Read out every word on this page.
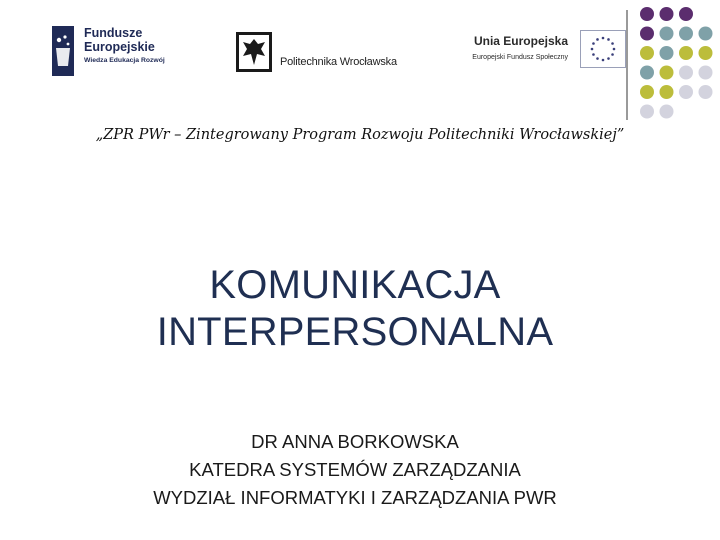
Fundusze
Europejskie
Wiedza Edukacja Rozwój	Politechnika Wrocławska
Unia Europejska
Europejski Fundusz Społeczny
„ZPR PWr – Zintegrowany Program Rozwoju Politechniki Wrocławskiej”
KOMUNIKACJA
INTERPERSONALNA
DR ANNA BORKOWSKA
KATEDRA SYSTEMÓW ZARZĄDZANIA
WYDZIAŁ INFORMATYKI I ZARZĄDZANIA PWR
